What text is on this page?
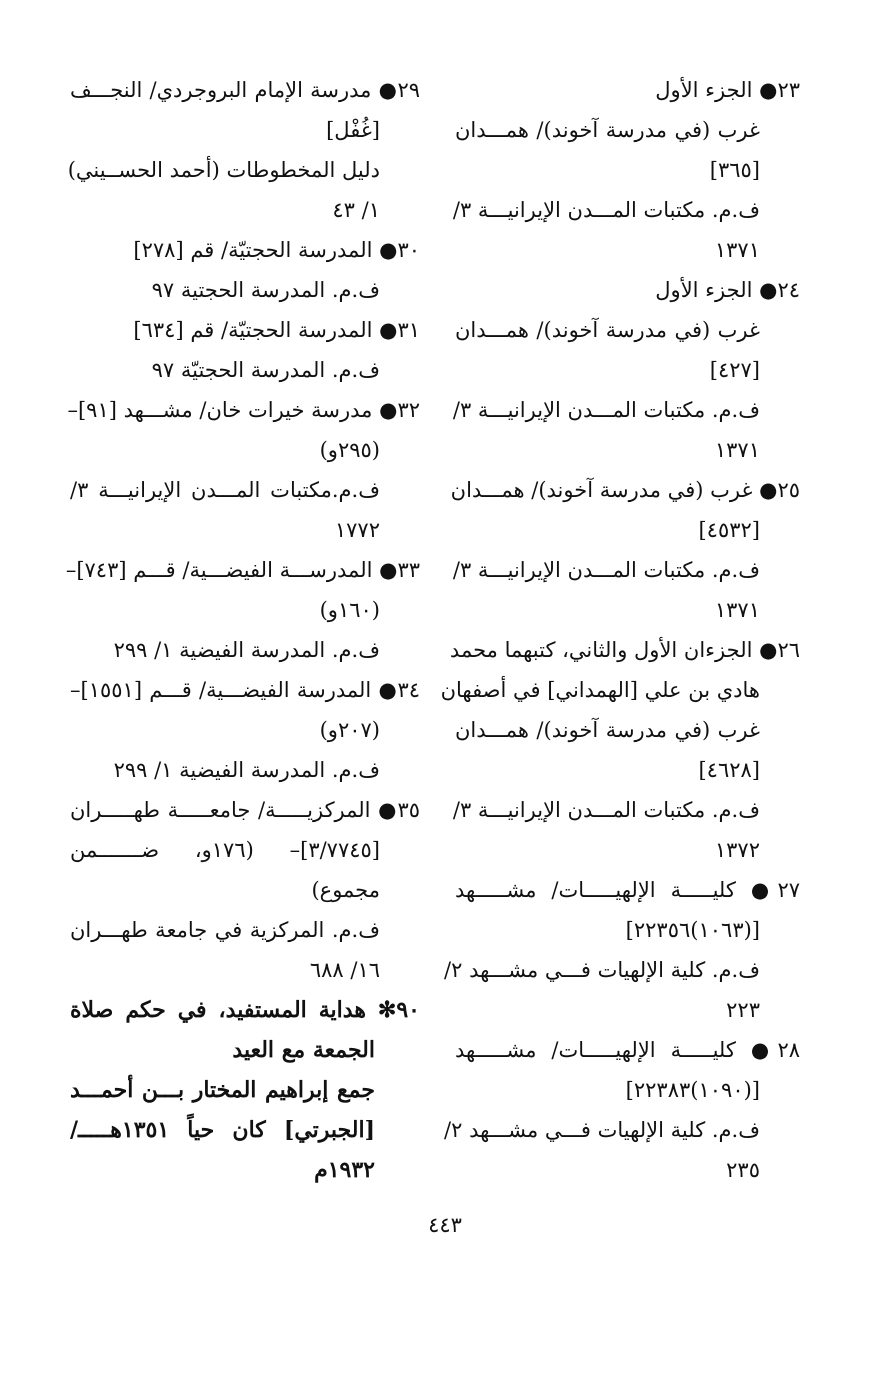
٢٣● الجزء الأول
غرب (في مدرسة آخوند)/ همـــدان
[٣٦٥]
ف.م. مكتبات المـــدن الإيرانيـــة ٣/
١٣٧١
٢٤● الجزء الأول
غرب (في مدرسة آخوند)/ همـــدان
[٤٢٧]
ف.م. مكتبات المـــدن الإيرانيـــة ٣/
١٣٧١
٢٥● غرب (في مدرسة آخوند)/ همـــدان
[٤٥٣٢]
ف.م. مكتبات المـــدن الإيرانيـــة ٣/
١٣٧١
٢٦● الجزءان الأول والثاني، كتبهما محمد
هادي بن علي [الهمداني] في أصفهان
غرب (في مدرسة آخوند)/ همـــدان
[٤٦٢٨]
ف.م. مكتبات المـــدن الإيرانيـــة ٣/
١٣٧٢
٢٧● كليـــــة الإلهيـــــات/ مشـــــهد
[(١٠٦٣)٢٢٣٥٦]
ف.م. كلية الإلهيات فـــي مشـــهد ٢/
٢٢٣
٢٨● كليـــــة الإلهيـــــات/ مشـــــهد
[(١٠٩٠)٢٢٣٨٣]
ف.م. كلية الإلهيات فـــي مشـــهد ٢/
٢٣٥
٢٩● مدرسة الإمام البروجردي/ النجـــف
[غُفْل]
دليل المخطوطات (أحمد الحســيني)
١/ ٤٣
٣٠● المدرسة الحجتيّة/ قم [٢٧٨]
ف.م. المدرسة الحجتية ٩٧
٣١● المدرسة الحجتيّة/ قم [٦٣٤]
ف.م. المدرسة الحجتيّة ٩٧
٣٢● مدرسة خيرات خان/ مشـــهد [٩١]–
(٢٩٥و)
ف.م.مكتبات المـــدن الإيرانيـــة ٣/
١٧٧٢
٣٣● المدرســـة الفيضـــية/ قـــم [٧٤٣]–
(١٦٠و)
ف.م. المدرسة الفيضية ١/ ٢٩٩
٣٤● المدرسة الفيضـــية/ قـــم [١٥٥١]–
(٢٠٧و)
ف.م. المدرسة الفيضية ١/ ٢٩٩
٣٥● المركزيـــــة/ جامعـــــة طهـــــران
[٣/٧٧٤٥]– (١٧٦و، ضـــــــمن
مجموع)
ف.م. المركزية في جامعة طهـــران
١٦/ ٦٨٨
٩٠✻ هداية المستفيد، في حكم صلاة
الجمعة مع العيد
جمع إبراهيم المختار بـــن أحمـــد
[الجبرتي] كان حياً ١٣٥١هـــــ/
١٩٣٢م
٤٤٣
